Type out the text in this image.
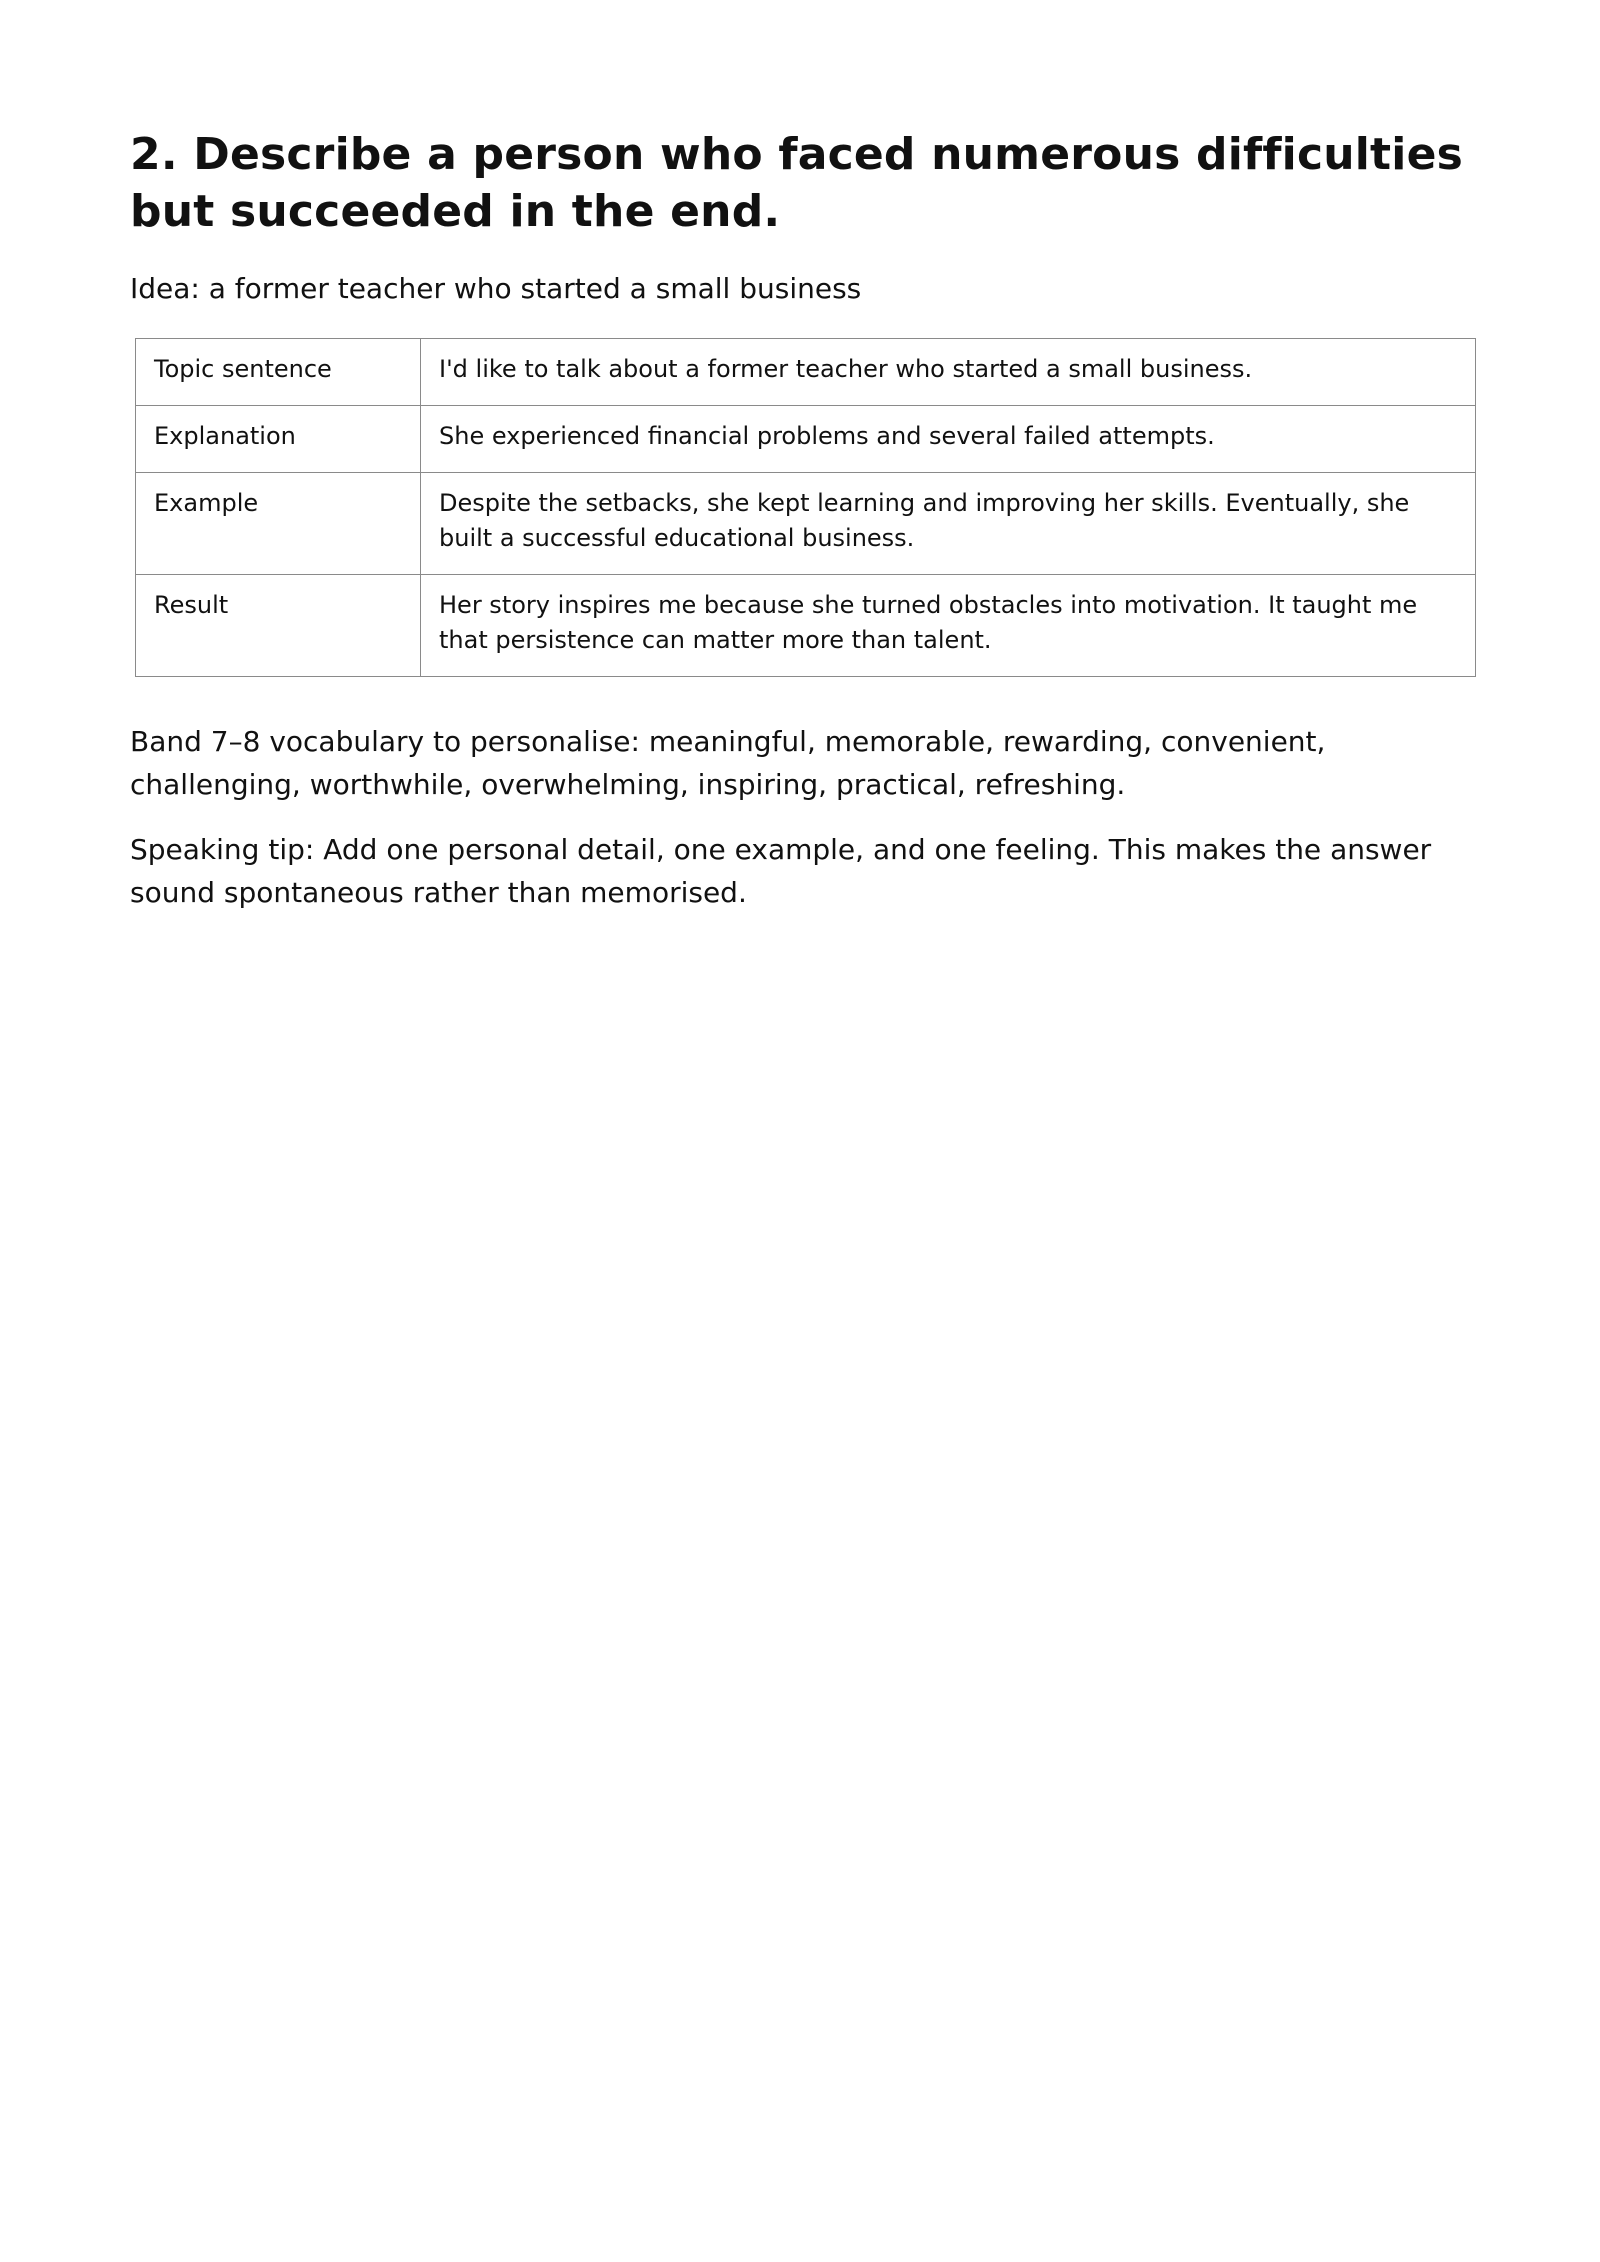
2. Describe a person who faced numerous difficulties but succeeded in the end.

Idea: a former teacher who started a small business

Topic sentence	I'd like to talk about a former teacher who started a small business.
Explanation	She experienced financial problems and several failed attempts.
Example	Despite the setbacks, she kept learning and improving her skills. Eventually, she built a successful educational business.
Result	Her story inspires me because she turned obstacles into motivation. It taught me that persistence can matter more than talent.

Band 7–8 vocabulary to personalise: meaningful, memorable, rewarding, convenient, challenging, worthwhile, overwhelming, inspiring, practical, refreshing.

Speaking tip: Add one personal detail, one example, and one feeling. This makes the answer sound spontaneous rather than memorised.
